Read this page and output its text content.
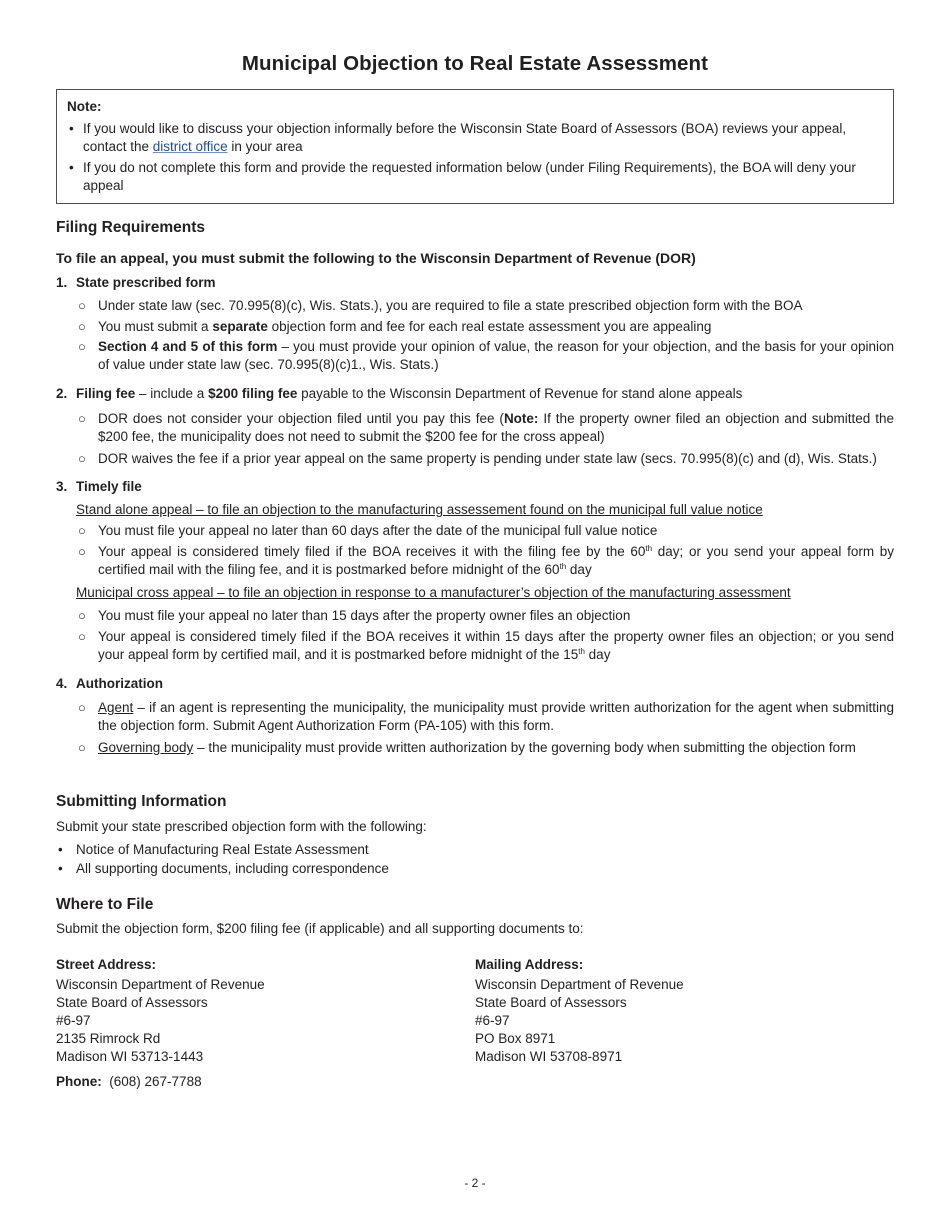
Municipal Objection to Real Estate Assessment
Note:
• If you would like to discuss your objection informally before the Wisconsin State Board of Assessors (BOA) reviews your appeal, contact the district office in your area
• If you do not complete this form and provide the requested information below (under Filing Requirements), the BOA will deny your appeal
Filing Requirements
To file an appeal, you must submit the following to the Wisconsin Department of Revenue (DOR)
1. State prescribed form
○ Under state law (sec. 70.995(8)(c), Wis. Stats.), you are required to file a state prescribed objection form with the BOA
○ You must submit a separate objection form and fee for each real estate assessment you are appealing
○ Section 4 and 5 of this form – you must provide your opinion of value, the reason for your objection, and the basis for your opinion of value under state law (sec. 70.995(8)(c)1., Wis. Stats.)
2. Filing fee – include a $200 filing fee payable to the Wisconsin Department of Revenue for stand alone appeals
○ DOR does not consider your objection filed until you pay this fee (Note: If the property owner filed an objection and submitted the $200 fee, the municipality does not need to submit the $200 fee for the cross appeal)
○ DOR waives the fee if a prior year appeal on the same property is pending under state law (secs. 70.995(8)(c) and (d), Wis. Stats.)
3. Timely file
Stand alone appeal – to file an objection to the manufacturing assessement found on the municipal full value notice
○ You must file your appeal no later than 60 days after the date of the municipal full value notice
○ Your appeal is considered timely filed if the BOA receives it with the filing fee by the 60th day; or you send your appeal form by certified mail with the filing fee, and it is postmarked before midnight of the 60th day
Municipal cross appeal – to file an objection in response to a manufacturer’s objection of the manufacturing assessment
○ You must file your appeal no later than 15 days after the property owner files an objection
○ Your appeal is considered timely filed if the BOA receives it within 15 days after the property owner files an objection; or you send your appeal form by certified mail, and it is postmarked before midnight of the 15th day
4. Authorization
○ Agent – if an agent is representing the municipality, the municipality must provide written authorization for the agent when submitting the objection form. Submit Agent Authorization Form (PA-105) with this form.
○ Governing body – the municipality must provide written authorization by the governing body when submitting the objection form
Submitting Information
Submit your state prescribed objection form with the following:
• Notice of Manufacturing Real Estate Assessment
• All supporting documents, including correspondence
Where to File
Submit the objection form, $200 filing fee (if applicable) and all supporting documents to:
Street Address:
Wisconsin Department of Revenue
State Board of Assessors
#6-97
2135 Rimrock Rd
Madison WI 53713-1443
Mailing Address:
Wisconsin Department of Revenue
State Board of Assessors
#6-97
PO Box 8971
Madison WI 53708-8971
Phone: (608) 267-7788
- 2 -
